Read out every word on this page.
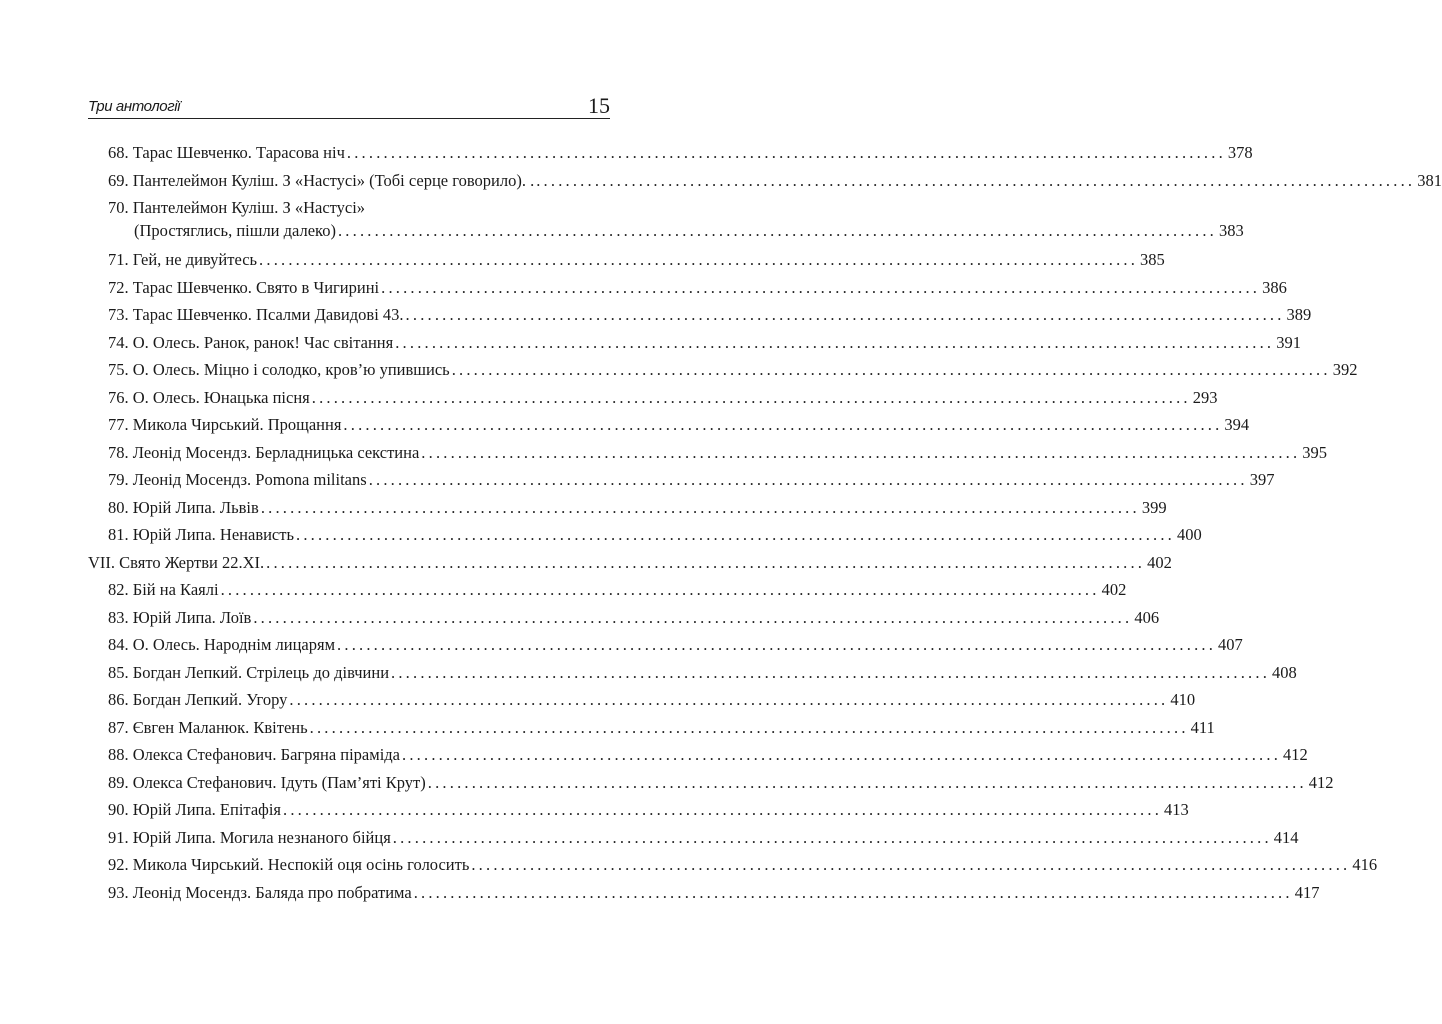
Три антології	15
68. Тарас Шевченко. Тарасова ніч ........................................................................................................................ 378
69. Пантелеймон Куліш. З «Настусі» (Тобі серце говорило). . ........................................................................................................................ 381
70. Пантелеймон Куліш. З «Настусі»
(Простяглись, пішли далеко) ........................................................................................................................ 383
71. Гей, не дивуйтесь ........................................................................................................................ 385
72. Тарас Шевченко. Свято в Чигирині ........................................................................................................................ 386
73. Тарас Шевченко. Псалми Давидові 43. ........................................................................................................................ 389
74. О. Олесь. Ранок, ранок! Час світання ........................................................................................................................ 391
75. О. Олесь. Міцно і солодко, кров’ю упившись ........................................................................................................................ 392
76. О. Олесь. Юнацька пісня ........................................................................................................................ 293
77. Микола Чирський. Прощання ........................................................................................................................ 394
78. Леонід Мосендз. Берладницька секстина ........................................................................................................................ 395
79. Леонід Мосендз. Pomona militans ........................................................................................................................ 397
80. Юрій Липа. Львів ........................................................................................................................ 399
81. Юрій Липа. Ненависть ........................................................................................................................ 400
VII. Свято Жертви 22.XI. ........................................................................................................................ 402
82. Бій на Каялі ........................................................................................................................ 402
83. Юрій Липа. Лоїв ........................................................................................................................ 406
84. О. Олесь. Народнім лицарям ........................................................................................................................ 407
85. Богдан Лепкий. Стрілець до дівчини ........................................................................................................................ 408
86. Богдан Лепкий. Угору ........................................................................................................................ 410
87. Євген Маланюк. Квітень ........................................................................................................................ 411
88. Олекса Стефанович. Багряна піраміда ........................................................................................................................ 412
89. Олекса Стефанович. Ідуть (Пам’яті Крут) ........................................................................................................................ 412
90. Юрій Липа. Епітафія ........................................................................................................................ 413
91. Юрій Липа. Могила незнаного бійця ........................................................................................................................ 414
92. Микола Чирський. Неспокій оця осінь голосить ........................................................................................................................ 416
93. Леонід Мосендз. Баляда про побратима ........................................................................................................................ 417
